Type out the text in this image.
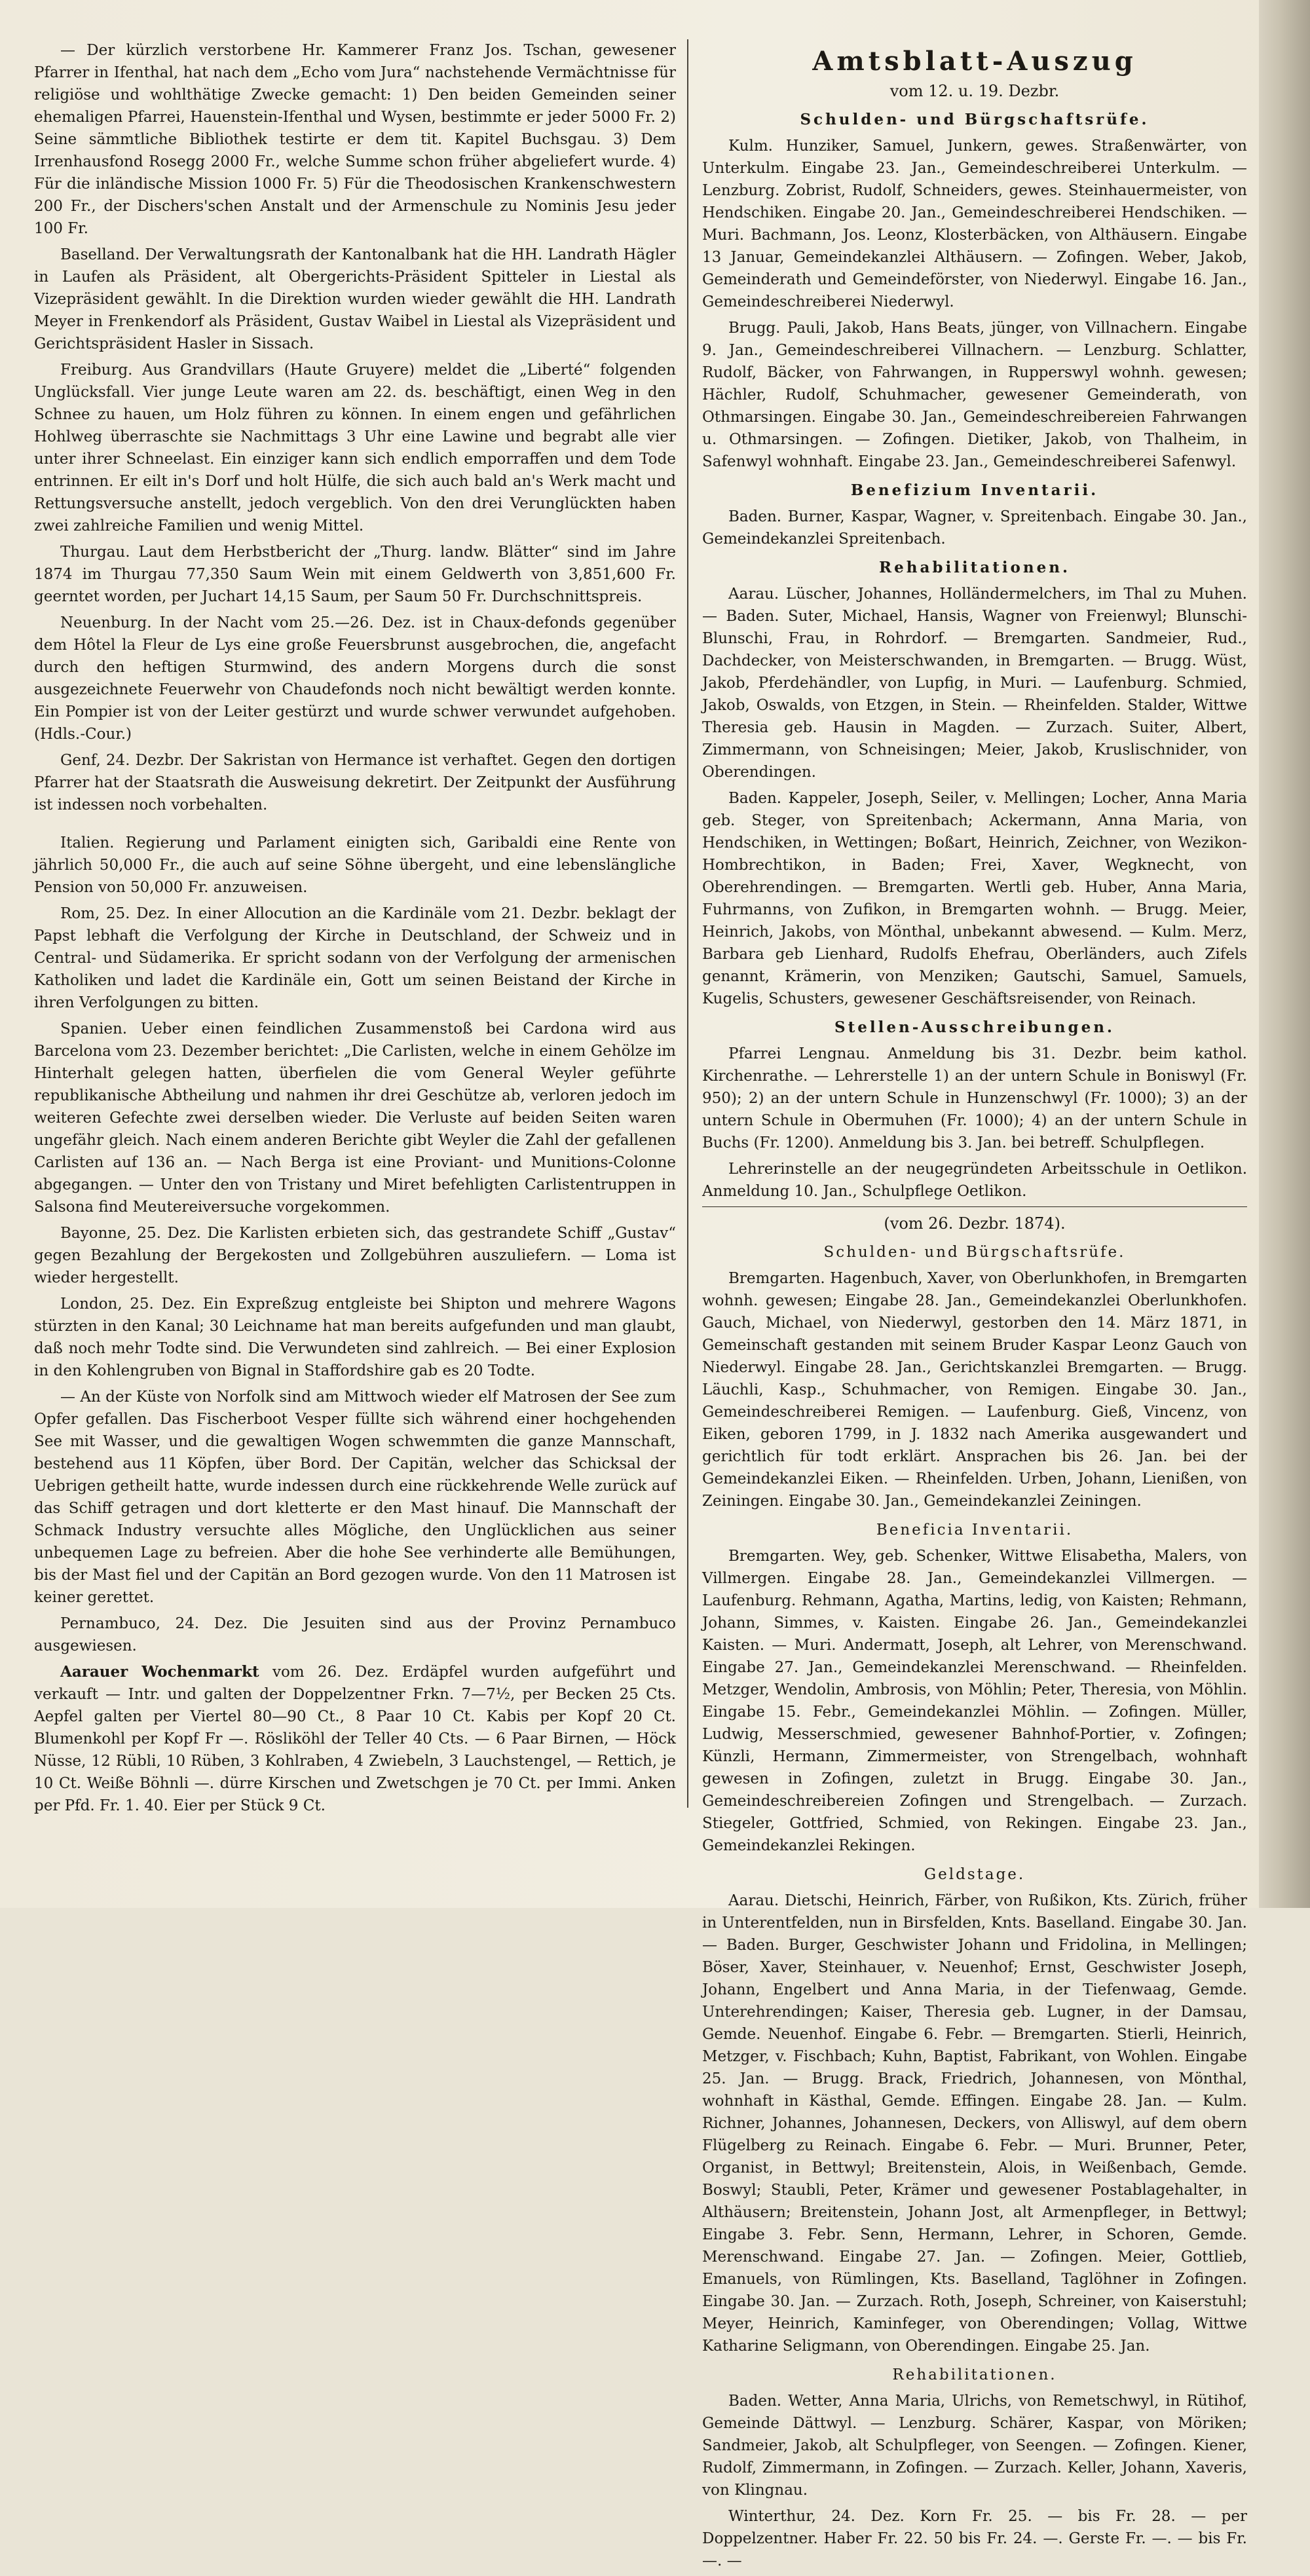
— Der kürzlich verstorbene Hr. Kammerer Franz Jos. Tschan, gewesener Pfarrer in Ifenthal, hat nach dem „Echo vom Jura“ nachstehende Vermächtnisse für religiöse und wohlthätige Zwecke gemacht: 1) Den beiden Gemeinden seiner ehemaligen Pfarrei, Hauenstein-Ifenthal und Wysen, bestimmte er jeder 5000 Fr. 2) Seine sämmtliche Bibliothek testirte er dem tit. Kapitel Buchsgau. 3) Dem Irrenhausfond Rosegg 2000 Fr., welche Summe schon früher abgeliefert wurde. 4) Für die inländische Mission 1000 Fr. 5) Für die Theodosischen Krankenschwestern 200 Fr., der Dischers'schen Anstalt und der Armenschule zu Nominis Jesu jeder 100 Fr.

Baselland. Der Verwaltungsrath der Kantonalbank hat die HH. Landrath Hägler in Laufen als Präsident, alt Obergerichts-Präsident Spitteler in Liestal als Vizepräsident gewählt. In die Direktion wurden wieder gewählt die HH. Landrath Meyer in Frenkendorf als Präsident, Gustav Waibel in Liestal als Vizepräsident und Gerichtspräsident Hasler in Sissach.

Freiburg. Aus Grandvillars (Haute Gruyere) meldet die „Liberté“ folgenden Unglücksfall. Vier junge Leute waren am 22. ds. beschäftigt, einen Weg in den Schnee zu hauen, um Holz führen zu können. In einem engen und gefährlichen Hohlweg überraschte sie Nachmittags 3 Uhr eine Lawine und begrabt alle vier unter ihrer Schneelast. Ein einziger kann sich endlich emporraffen und dem Tode entrinnen. Er eilt in's Dorf und holt Hülfe, die sich auch bald an's Werk macht und Rettungsversuche anstellt, jedoch vergeblich. Von den drei Verunglückten haben zwei zahlreiche Familien und wenig Mittel.

Thurgau. Laut dem Herbstbericht der „Thurg. landw. Blätter“ sind im Jahre 1874 im Thurgau 77,350 Saum Wein mit einem Geldwerth von 3,851,600 Fr. geerntet worden, per Juchart 14,15 Saum, per Saum 50 Fr. Durchschnittspreis.

Neuenburg. In der Nacht vom 25.—26. Dez. ist in Chaux-defonds gegenüber dem Hôtel la Fleur de Lys eine große Feuersbrunst ausgebrochen, die, angefacht durch den heftigen Sturmwind, des andern Morgens durch die sonst ausgezeichnete Feuerwehr von Chaudefonds noch nicht bewältigt werden konnte. Ein Pompier ist von der Leiter gestürzt und wurde schwer verwundet aufgehoben. (Hdls.-Cour.)

Genf, 24. Dezbr. Der Sakristan von Hermance ist verhaftet. Gegen den dortigen Pfarrer hat der Staatsrath die Ausweisung dekretirt. Der Zeitpunkt der Ausführung ist indessen noch vorbehalten.

Italien. Regierung und Parlament einigten sich, Garibaldi eine Rente von jährlich 50,000 Fr., die auch auf seine Söhne übergeht, und eine lebenslängliche Pension von 50,000 Fr. anzuweisen.

Rom, 25. Dez. In einer Allocution an die Kardinäle vom 21. Dezbr. beklagt der Papst lebhaft die Verfolgung der Kirche in Deutschland, der Schweiz und in Central- und Südamerika. Er spricht sodann von der Verfolgung der armenischen Katholiken und ladet die Kardinäle ein, Gott um seinen Beistand der Kirche in ihren Verfolgungen zu bitten.

Spanien. Ueber einen feindlichen Zusammenstoß bei Cardona wird aus Barcelona vom 23. Dezember berichtet: „Die Carlisten, welche in einem Gehölze im Hinterhalt gelegen hatten, überfielen die vom General Weyler geführte republikanische Abtheilung und nahmen ihr drei Geschütze ab, verloren jedoch im weiteren Gefechte zwei derselben wieder. Die Verluste auf beiden Seiten waren ungefähr gleich. Nach einem anderen Berichte gibt Weyler die Zahl der gefallenen Carlisten auf 136 an. — Nach Berga ist eine Proviant- und Munitions-Colonne abgegangen. — Unter den von Tristany und Miret befehligten Carlistentruppen in Salsona find Meutereiversuche vorgekommen.

Bayonne, 25. Dez. Die Karlisten erbieten sich, das gestrandete Schiff „Gustav“ gegen Bezahlung der Bergekosten und Zollgebühren auszuliefern. — Loma ist wieder hergestellt.

London, 25. Dez. Ein Expreßzug entgleiste bei Shipton und mehrere Wagons stürzten in den Kanal; 30 Leichname hat man bereits aufgefunden und man glaubt, daß noch mehr Todte sind. Die Verwundeten sind zahlreich. — Bei einer Explosion in den Kohlengruben von Bignal in Staffordshire gab es 20 Todte.

— An der Küste von Norfolk sind am Mittwoch wieder elf Matrosen der See zum Opfer gefallen. Das Fischerboot Vesper füllte sich während einer hochgehenden See mit Wasser, und die gewaltigen Wogen schwemmten die ganze Mannschaft, bestehend aus 11 Köpfen, über Bord. Der Capitän, welcher das Schicksal der Uebrigen getheilt hatte, wurde indessen durch eine rückkehrende Welle zurück auf das Schiff getragen und dort kletterte er den Mast hinauf. Die Mannschaft der Schmack Industry versuchte alles Mögliche, den Unglücklichen aus seiner unbequemen Lage zu befreien. Aber die hohe See verhinderte alle Bemühungen, bis der Mast fiel und der Capitän an Bord gezogen wurde. Von den 11 Matrosen ist keiner gerettet.

Pernambuco, 24. Dez. Die Jesuiten sind aus der Provinz Pernambuco ausgewiesen.

Aarauer Wochenmarkt vom 26. Dez. Erdäpfel wurden aufgeführt und verkauft — Intr. und galten der Doppelzentner Frkn. 7—7½, per Becken 25 Cts. Aepfel galten per Viertel 80—90 Ct., 8 Paar 10 Ct. Kabis per Kopf 20 Ct. Blumenkohl per Kopf Fr —. Rösliköhl der Teller 40 Cts. — 6 Paar Birnen, — Höck Nüsse, 12 Rübli, 10 Rüben, 3 Kohlraben, 4 Zwiebeln, 3 Lauchstengel, — Rettich, je 10 Ct. Weiße Böhnli —. dürre Kirschen und Zwetschgen je 70 Ct. per Immi. Anken per Pfd. Fr. 1. 40. Eier per Stück 9 Ct.

Amtsblatt-Auszug
vom 12. u. 19. Dezbr.
Schulden- und Bürgschaftsrüfe.

Kulm. Hunziker, Samuel, Junkern, gewes. Straßenwärter, von Unterkulm. Eingabe 23. Jan., Gemeindeschreiberei Unterkulm. — Lenzburg. Zobrist, Rudolf, Schneiders, gewes. Steinhauermeister, von Hendschiken. Eingabe 20. Jan., Gemeindeschreiberei Hendschiken. — Muri. Bachmann, Jos. Leonz, Klosterbäcken, von Althäusern. Eingabe 13 Januar, Gemeindekanzlei Althäusern. — Zofingen. Weber, Jakob, Gemeinderath und Gemeindeförster, von Niederwyl. Eingabe 16. Jan., Gemeindeschreiberei Niederwyl.

Brugg. Pauli, Jakob, Hans Beats, jünger, von Villnachern. Eingabe 9. Jan., Gemeindeschreiberei Villnachern. — Lenzburg. Schlatter, Rudolf, Bäcker, von Fahrwangen, in Rupperswyl wohnh. gewesen; Hächler, Rudolf, Schuhmacher, gewesener Gemeinderath, von Othmarsingen. Eingabe 30. Jan., Gemeindeschreibereien Fahrwangen u. Othmarsingen. — Zofingen. Dietiker, Jakob, von Thalheim, in Safenwyl wohnhaft. Eingabe 23. Jan., Gemeindeschreiberei Safenwyl.

Benefizium Inventarii.

Baden. Burner, Kaspar, Wagner, v. Spreitenbach. Eingabe 30. Jan., Gemeindekanzlei Spreitenbach.

Rehabilitationen.

Aarau. Lüscher, Johannes, Holländermelchers, im Thal zu Muhen. — Baden. Suter, Michael, Hansis, Wagner von Freienwyl; Blunschi-Blunschi, Frau, in Rohrdorf. — Bremgarten. Sandmeier, Rud., Dachdecker, von Meisterschwanden, in Bremgarten. — Brugg. Wüst, Jakob, Pferdehändler, von Lupfig, in Muri. — Laufenburg. Schmied, Jakob, Oswalds, von Etzgen, in Stein. — Rheinfelden. Stalder, Wittwe Theresia geb. Hausin in Magden. — Zurzach. Suiter, Albert, Zimmermann, von Schneisingen; Meier, Jakob, Kruslischnider, von Oberendingen.

Baden. Kappeler, Joseph, Seiler, v. Mellingen; Locher, Anna Maria geb. Steger, von Spreitenbach; Ackermann, Anna Maria, von Hendschiken, in Wettingen; Boßart, Heinrich, Zeichner, von Wezikon-Hombrechtikon, in Baden; Frei, Xaver, Wegknecht, von Oberehrendingen. — Bremgarten. Wertli geb. Huber, Anna Maria, Fuhrmanns, von Zufikon, in Bremgarten wohnh. — Brugg. Meier, Heinrich, Jakobs, von Mönthal, unbekannt abwesend. — Kulm. Merz, Barbara geb Lienhard, Rudolfs Ehefrau, Oberländers, auch Zifels genannt, Krämerin, von Menziken; Gautschi, Samuel, Samuels, Kugelis, Schusters, gewesener Geschäftsreisender, von Reinach.

Stellen-Ausschreibungen.

Pfarrei Lengnau. Anmeldung bis 31. Dezbr. beim kathol. Kirchenrathe. — Lehrerstelle 1) an der untern Schule in Boniswyl (Fr. 950); 2) an der untern Schule in Hunzenschwyl (Fr. 1000); 3) an der untern Schule in Obermuhen (Fr. 1000); 4) an der untern Schule in Buchs (Fr. 1200). Anmeldung bis 3. Jan. bei betreff. Schulpflegen.

Lehrerinstelle an der neugegründeten Arbeitsschule in Oetlikon. Anmeldung 10. Jan., Schulpflege Oetlikon.

(vom 26. Dezbr. 1874).
Schulden- und Bürgschaftsrüfe.

Bremgarten. Hagenbuch, Xaver, von Oberlunkhofen, in Bremgarten wohnh. gewesen; Eingabe 28. Jan., Gemeindekanzlei Oberlunkhofen. Gauch, Michael, von Niederwyl, gestorben den 14. März 1871, in Gemeinschaft gestanden mit seinem Bruder Kaspar Leonz Gauch von Niederwyl. Eingabe 28. Jan., Gerichtskanzlei Bremgarten. — Brugg. Läuchli, Kasp., Schuhmacher, von Remigen. Eingabe 30. Jan., Gemeindeschreiberei Remigen. — Laufenburg. Gieß, Vincenz, von Eiken, geboren 1799, in J. 1832 nach Amerika ausgewandert und gerichtlich für todt erklärt. Ansprachen bis 26. Jan. bei der Gemeindekanzlei Eiken. — Rheinfelden. Urben, Johann, Lienißen, von Zeiningen. Eingabe 30. Jan., Gemeindekanzlei Zeiningen.

Beneficia Inventarii.

Bremgarten. Wey, geb. Schenker, Wittwe Elisabetha, Malers, von Villmergen. Eingabe 28. Jan., Gemeindekanzlei Villmergen. — Laufenburg. Rehmann, Agatha, Martins, ledig, von Kaisten; Rehmann, Johann, Simmes, v. Kaisten. Eingabe 26. Jan., Gemeindekanzlei Kaisten. — Muri. Andermatt, Joseph, alt Lehrer, von Merenschwand. Eingabe 27. Jan., Gemeindekanzlei Merenschwand. — Rheinfelden. Metzger, Wendolin, Ambrosis, von Möhlin; Peter, Theresia, von Möhlin. Eingabe 15. Febr., Gemeindekanzlei Möhlin. — Zofingen. Müller, Ludwig, Messerschmied, gewesener Bahnhof-Portier, v. Zofingen; Künzli, Hermann, Zimmermeister, von Strengelbach, wohnhaft gewesen in Zofingen, zuletzt in Brugg. Eingabe 30. Jan., Gemeindeschreibereien Zofingen und Strengelbach. — Zurzach. Stiegeler, Gottfried, Schmied, von Rekingen. Eingabe 23. Jan., Gemeindekanzlei Rekingen.

Geldstage.

Aarau. Dietschi, Heinrich, Färber, von Rußikon, Kts. Zürich, früher in Unterentfelden, nun in Birsfelden, Knts. Baselland. Eingabe 30. Jan. — Baden. Burger, Geschwister Johann und Fridolina, in Mellingen; Böser, Xaver, Steinhauer, v. Neuenhof; Ernst, Geschwister Joseph, Johann, Engelbert und Anna Maria, in der Tiefenwaag, Gemde. Unterehrendingen; Kaiser, Theresia geb. Lugner, in der Damsau, Gemde. Neuenhof. Eingabe 6. Febr. — Bremgarten. Stierli, Heinrich, Metzger, v. Fischbach; Kuhn, Baptist, Fabrikant, von Wohlen. Eingabe 25. Jan. — Brugg. Brack, Friedrich, Johannesen, von Mönthal, wohnhaft in Kästhal, Gemde. Effingen. Eingabe 28. Jan. — Kulm. Richner, Johannes, Johannesen, Deckers, von Alliswyl, auf dem obern Flügelberg zu Reinach. Eingabe 6. Febr. — Muri. Brunner, Peter, Organist, in Bettwyl; Breitenstein, Alois, in Weißenbach, Gemde. Boswyl; Staubli, Peter, Krämer und gewesener Postablagehalter, in Althäusern; Breitenstein, Johann Jost, alt Armenpfleger, in Bettwyl; Eingabe 3. Febr. Senn, Hermann, Lehrer, in Schoren, Gemde. Merenschwand. Eingabe 27. Jan. — Zofingen. Meier, Gottlieb, Emanuels, von Rümlingen, Kts. Baselland, Taglöhner in Zofingen. Eingabe 30. Jan. — Zurzach. Roth, Joseph, Schreiner, von Kaiserstuhl; Meyer, Heinrich, Kaminfeger, von Oberendingen; Vollag, Wittwe Katharine Seligmann, von Oberendingen. Eingabe 25. Jan.

Rehabilitationen.

Baden. Wetter, Anna Maria, Ulrichs, von Remetschwyl, in Rütihof, Gemeinde Dättwyl. — Lenzburg. Schärer, Kaspar, von Möriken; Sandmeier, Jakob, alt Schulpfleger, von Seengen. — Zofingen. Kiener, Rudolf, Zimmermann, in Zofingen. — Zurzach. Keller, Johann, Xaveris, von Klingnau.

Winterthur, 24. Dez. Korn Fr. 25. — bis Fr. 28. — per Doppelzentner. Haber Fr. 22. 50 bis Fr. 24. —. Gerste Fr. —. — bis Fr. —. —
